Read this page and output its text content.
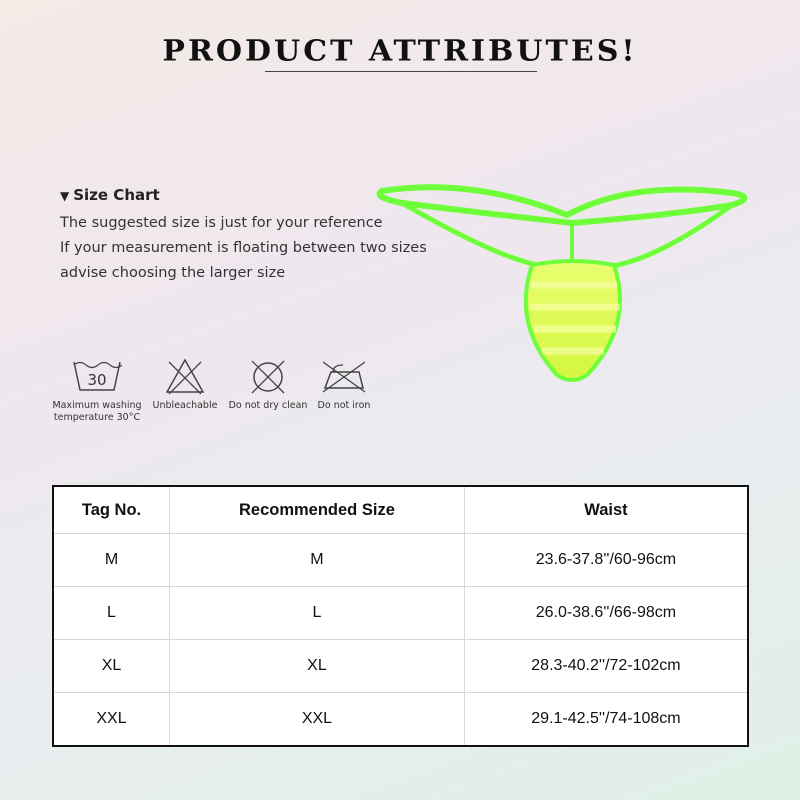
PRODUCT ATTRIBUTES!
▼ Size Chart
The suggested size is just for your reference
If your measurement is floating between two sizes
advise choosing the larger size
30
Maximum washing
temperature 30°C
Unbleachable Do not dry clean	Do not iron
Tag No.	Recommended Size	Waist
M	M	23.6-37.8''/60-96cm
L	L	26.0-38.6''/66-98cm
XL	XL	28.3-40.2''/72-102cm
XXL	XXL	29.1-42.5''/74-108cm
